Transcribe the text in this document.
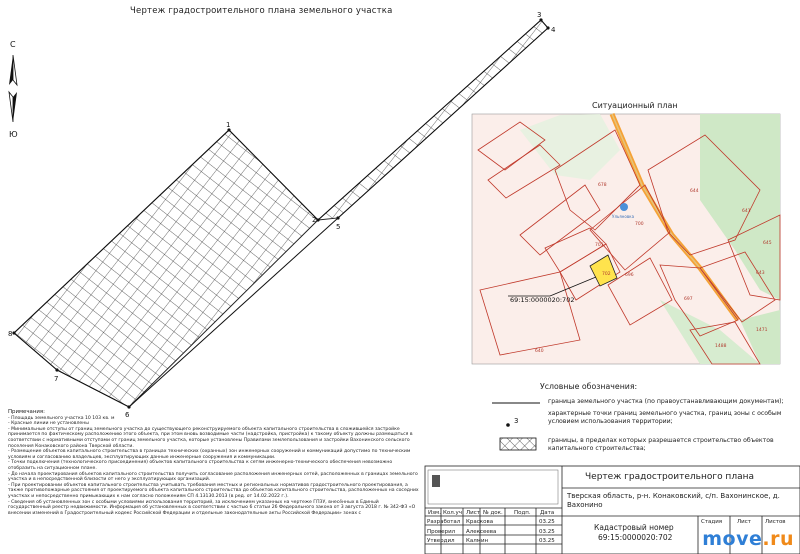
1
2
3
4
5
6
7
8
С
Ю
Ульяновка
678
700
701
702
644
641
645
643
696
697
1488
640
1471
69:15:0000020:702
3
Чертеж градостроительного плана земельного участка
Ситуационный план
Условные обозначения:
граница земельного участка (по правоустанавливающим документам);
характерные точки границ земельного участка, границ зоны с особым условием использования территории;
границы, в пределах которых разрешается строительство объектов капитального строительства;
Примечания:
- Площадь земельного участка 10 103 кв. м
- Красные линии не установлены
- Минимальные отступы от границ земельного участка до существующего реконструируемого объекта капитального строительства в сложившейся застройке принимается по фактическому расположению этого объекта, при этом вновь возводимые части (надстройка, пристройка) к такому объекту должны размещаться в соответствии с нормативными отступами от границ земельного участка, которые установлены Правилами землепользования и застройки Вахонинского сельского поселения Конаковского района Тверской области.
- Размещение объектов капитального строительства в границах технических (охранных) зон инженерных сооружений и коммуникаций допустимо по техническим условиям и согласованию владельцев, эксплуатирующих данные инженерные сооружения и коммуникации.
- Точки подключения (технологического присоединения) объектов капитального строительства к сетям инженерно-технического обеспечения невозможно отобразить на ситуационном плане.
- До начала проектирования объектов капитального строительства получить согласование расположения инженерных сетей, расположенных в границах земельного участка и в непосредственной близости от него у эксплуатирующих организаций.
- При проектировании объектов капитального строительства учитывать требования местных и региональных нормативов градостроительного проектирования, а также противопожарные расстояния от проектируемого объекта капитального строительства до объектов капитального строительства, расположенных на соседних участках и непосредственно примыкающих к нам согласно положениям СП 4.13130.2013 (в ред. от 14.02.2022 г.).
- Сведения об установленных зон с особыми условиями использования территорий, за исключением указанных на чертеже ГПЗУ, внесённых в Единый государственный реестр недвижимости. Информация об установленных в соответствии с частью 6 статьи 26 Федерального закона от 3 августа 2018 г. № 342-ФЗ «О внесении изменений в Градостроительный кодекс Российской Федерации и отдельные законодательные акты Российской Федерации» зонах с
Чертеж градостроительного плана
Тверская область, р-н. Конаковский, с/п. Вахонинское, д. Вахонино
Кадастровый номер
69:15:0000020:702
Стадия	Лист	Листов
Изм. Кол.уч Лист № док. Подп. Дата
Разработал Краскова	03.25
Проверил Алексеева	03.25
Утвердил Калмин	03.25	move.ru
